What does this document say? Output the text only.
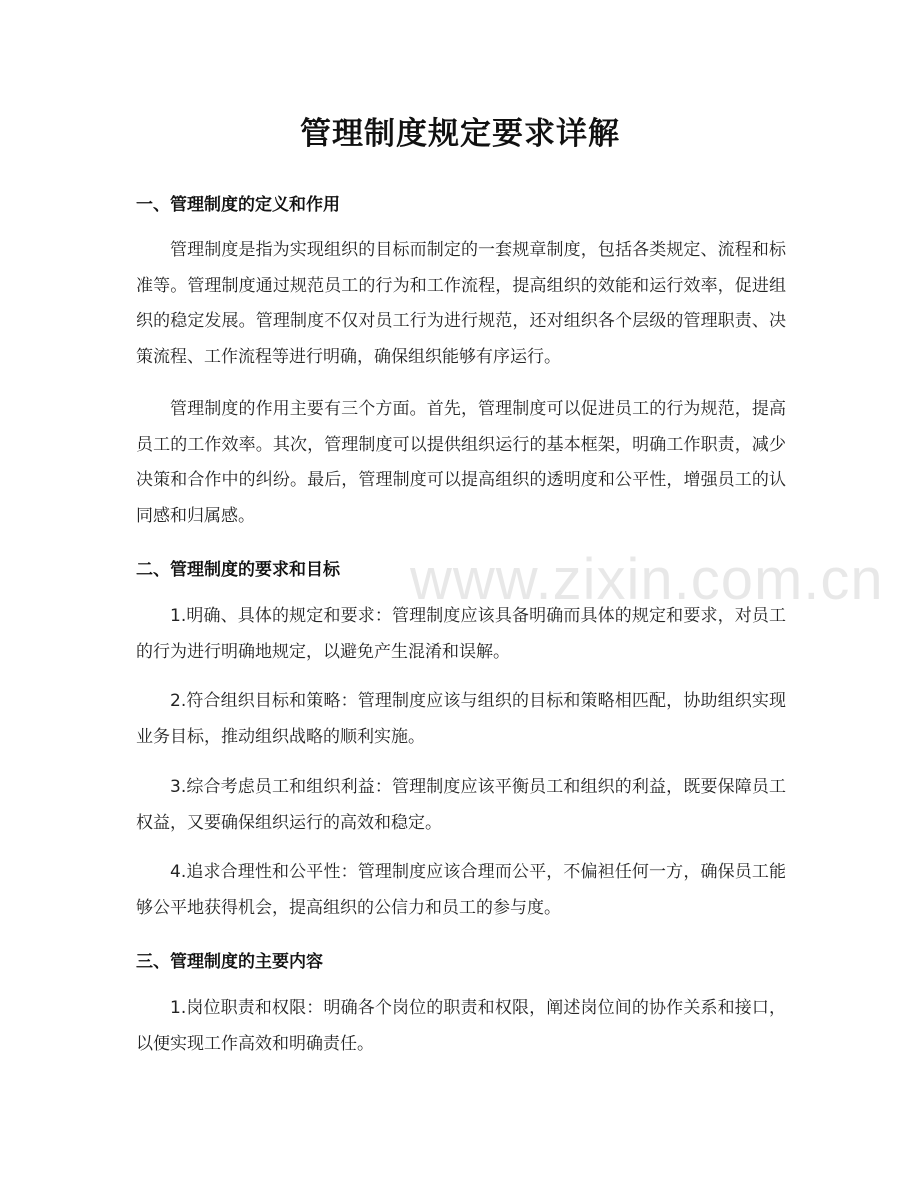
管理制度规定要求详解
一、管理制度的定义和作用
管理制度是指为实现组织的目标而制定的一套规章制度，包括各类规定、流程和标准等。管理制度通过规范员工的行为和工作流程，提高组织的效能和运行效率，促进组织的稳定发展。管理制度不仅对员工行为进行规范，还对组织各个层级的管理职责、决策流程、工作流程等进行明确，确保组织能够有序运行。
管理制度的作用主要有三个方面。首先，管理制度可以促进员工的行为规范，提高员工的工作效率。其次，管理制度可以提供组织运行的基本框架，明确工作职责，减少决策和合作中的纠纷。最后，管理制度可以提高组织的透明度和公平性，增强员工的认同感和归属感。
二、管理制度的要求和目标
1.明确、具体的规定和要求：管理制度应该具备明确而具体的规定和要求，对员工的行为进行明确地规定，以避免产生混淆和误解。
2.符合组织目标和策略：管理制度应该与组织的目标和策略相匹配，协助组织实现业务目标，推动组织战略的顺利实施。
3.综合考虑员工和组织利益：管理制度应该平衡员工和组织的利益，既要保障员工权益，又要确保组织运行的高效和稳定。
4.追求合理性和公平性：管理制度应该合理而公平，不偏袒任何一方，确保员工能够公平地获得机会，提高组织的公信力和员工的参与度。
三、管理制度的主要内容
1.岗位职责和权限：明确各个岗位的职责和权限，阐述岗位间的协作关系和接口，以便实现工作高效和明确责任。
www.zixin.com.cn
